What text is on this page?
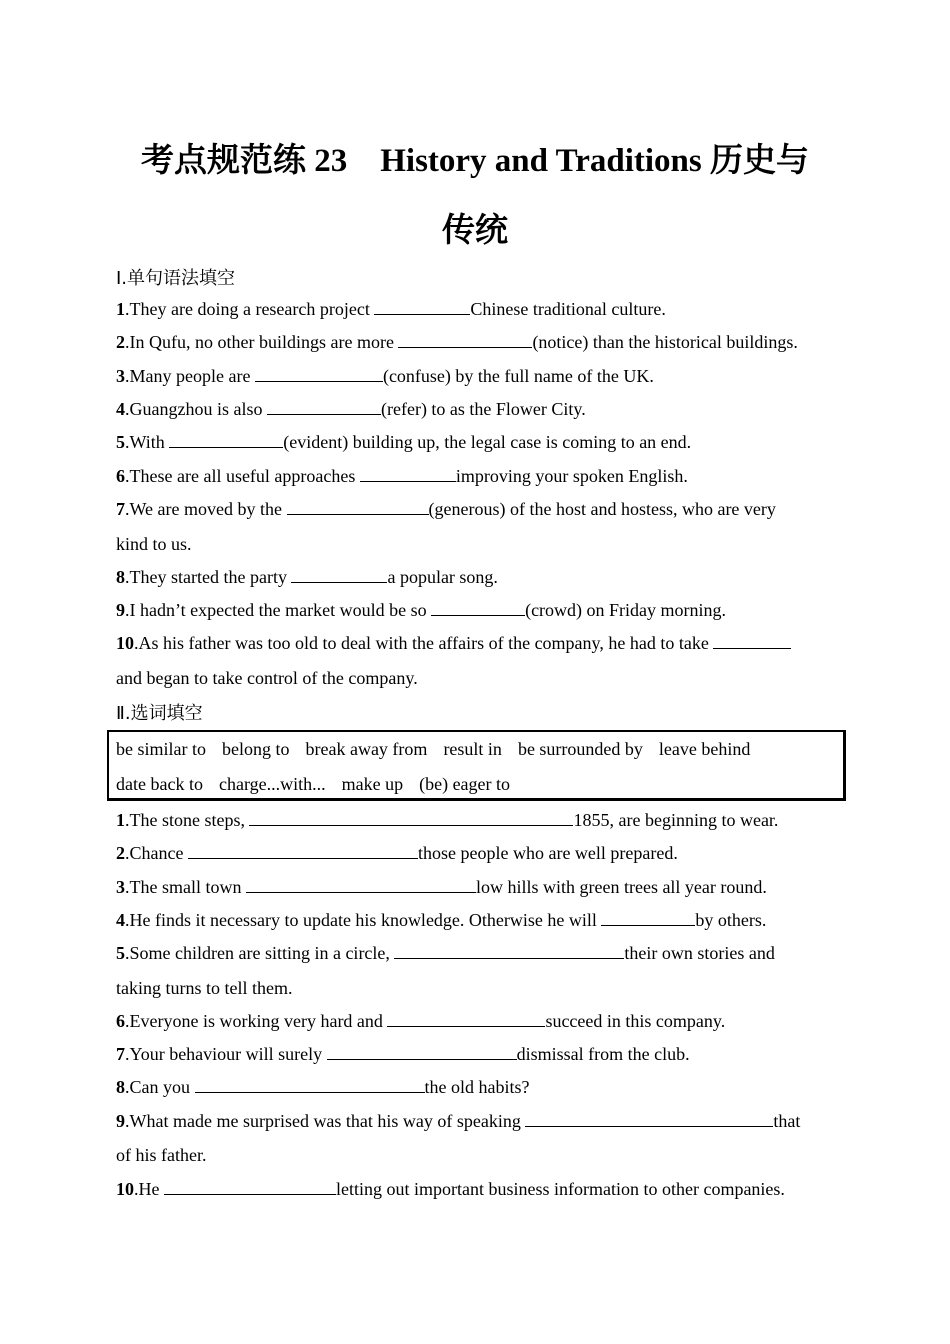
考点规范练 23　History and Traditions 历史与
传统
Ⅰ.单句语法填空
1.They are doing a research project	Chinese traditional culture.
2.In Qufu, no other buildings are more	(notice) than the historical buildings.
3.Many people are	(confuse) by the full name of the UK.
4.Guangzhou is also	(refer) to as the Flower City.
5.With	(evident) building up, the legal case is coming to an end.
6.These are all useful approaches	improving your spoken English.
7.We are moved by the	(generous) of the host and hostess, who are very
kind to us.
8.They started the party	a popular song.
9.I hadn’t expected the market would be so	(crowd) on Friday morning.
10.As his father was too old to deal with the affairs of the company, he had to take
and began to take control of the company.
Ⅱ.选词填空
be similar to belong to break away from result in be surrounded by leave behind
date back to charge...with... make up (be) eager to
1.The stone steps,	1855, are beginning to wear.
2.Chance	those people who are well prepared.
3.The small town	low hills with green trees all year round.
4.He finds it necessary to update his knowledge. Otherwise he will	by others.
5.Some children are sitting in a circle,	their own stories and
taking turns to tell them.
6.Everyone is working very hard and	succeed in this company.
7.Your behaviour will surely	dismissal from the club.
8.Can you	the old habits?
9.What made me surprised was that his way of speaking	that
of his father.
10.He	letting out important business information to other companies.
